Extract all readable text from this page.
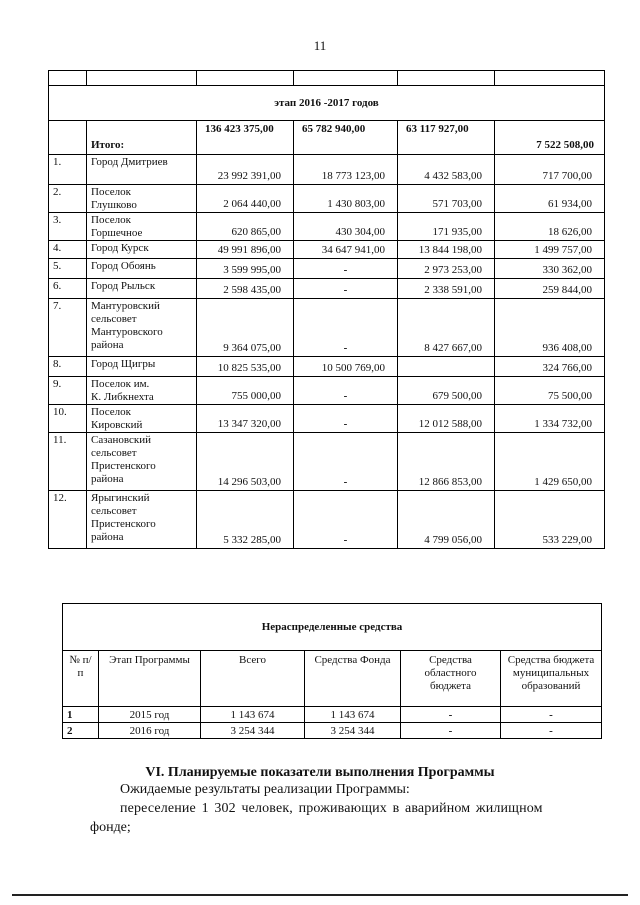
11

этап 2016 -2017 годов					
	Итого:	136 423 375,00	65 782 940,00	63 117 927,00	7 522 508,00
1.	Город Дмитриев	23 992 391,00	18 773 123,00	4 432 583,00	717 700,00
2.	Поселок
Глушково	2 064 440,00	1 430 803,00	571 703,00	61 934,00
3.	Поселок
Горшечное	620 865,00	430 304,00	171 935,00	18 626,00
4.	Город Курск	49 991 896,00	34 647 941,00	13 844 198,00	1 499 757,00
5.	Город Обоянь	3 599 995,00	-	2 973 253,00	330 362,00
6.	Город Рыльск	2 598 435,00	-	2 338 591,00	259 844,00
7.	Мантуровский
сельсовет
Мантуровского
района	9 364 075,00	-	8 427 667,00	936 408,00
8.	Город Щигры	10 825 535,00	10 500 769,00		324 766,00
9.	Поселок им.
К. Либкнехта	755 000,00	-	679 500,00	75 500,00
10.	Поселок
Кировский	13 347 320,00	-	12 012 588,00	1 334 732,00
11.	Сазановский
сельсовет
Пристенского
района	14 296 503,00	-	12 866 853,00	1 429 650,00
12.	Ярыгинский
сельсовет
Пристенского
района	5 332 285,00	-	4 799 056,00	533 229,00
Нераспределенные средства					
№ п/п	Этап Программы	Всего	Средства Фонда	Средства областного бюджета	Средства бюджета муниципальных образований
1	2015 год	1 143 674	1 143 674	-	-
2	2016 год	3 254 344	3 254 344	-	-
VI. Планируемые показатели выполнения Программы
Ожидаемые результаты реализации Программы:
переселение 1 302 человек, проживающих в аварийном жилищном
фонде;
